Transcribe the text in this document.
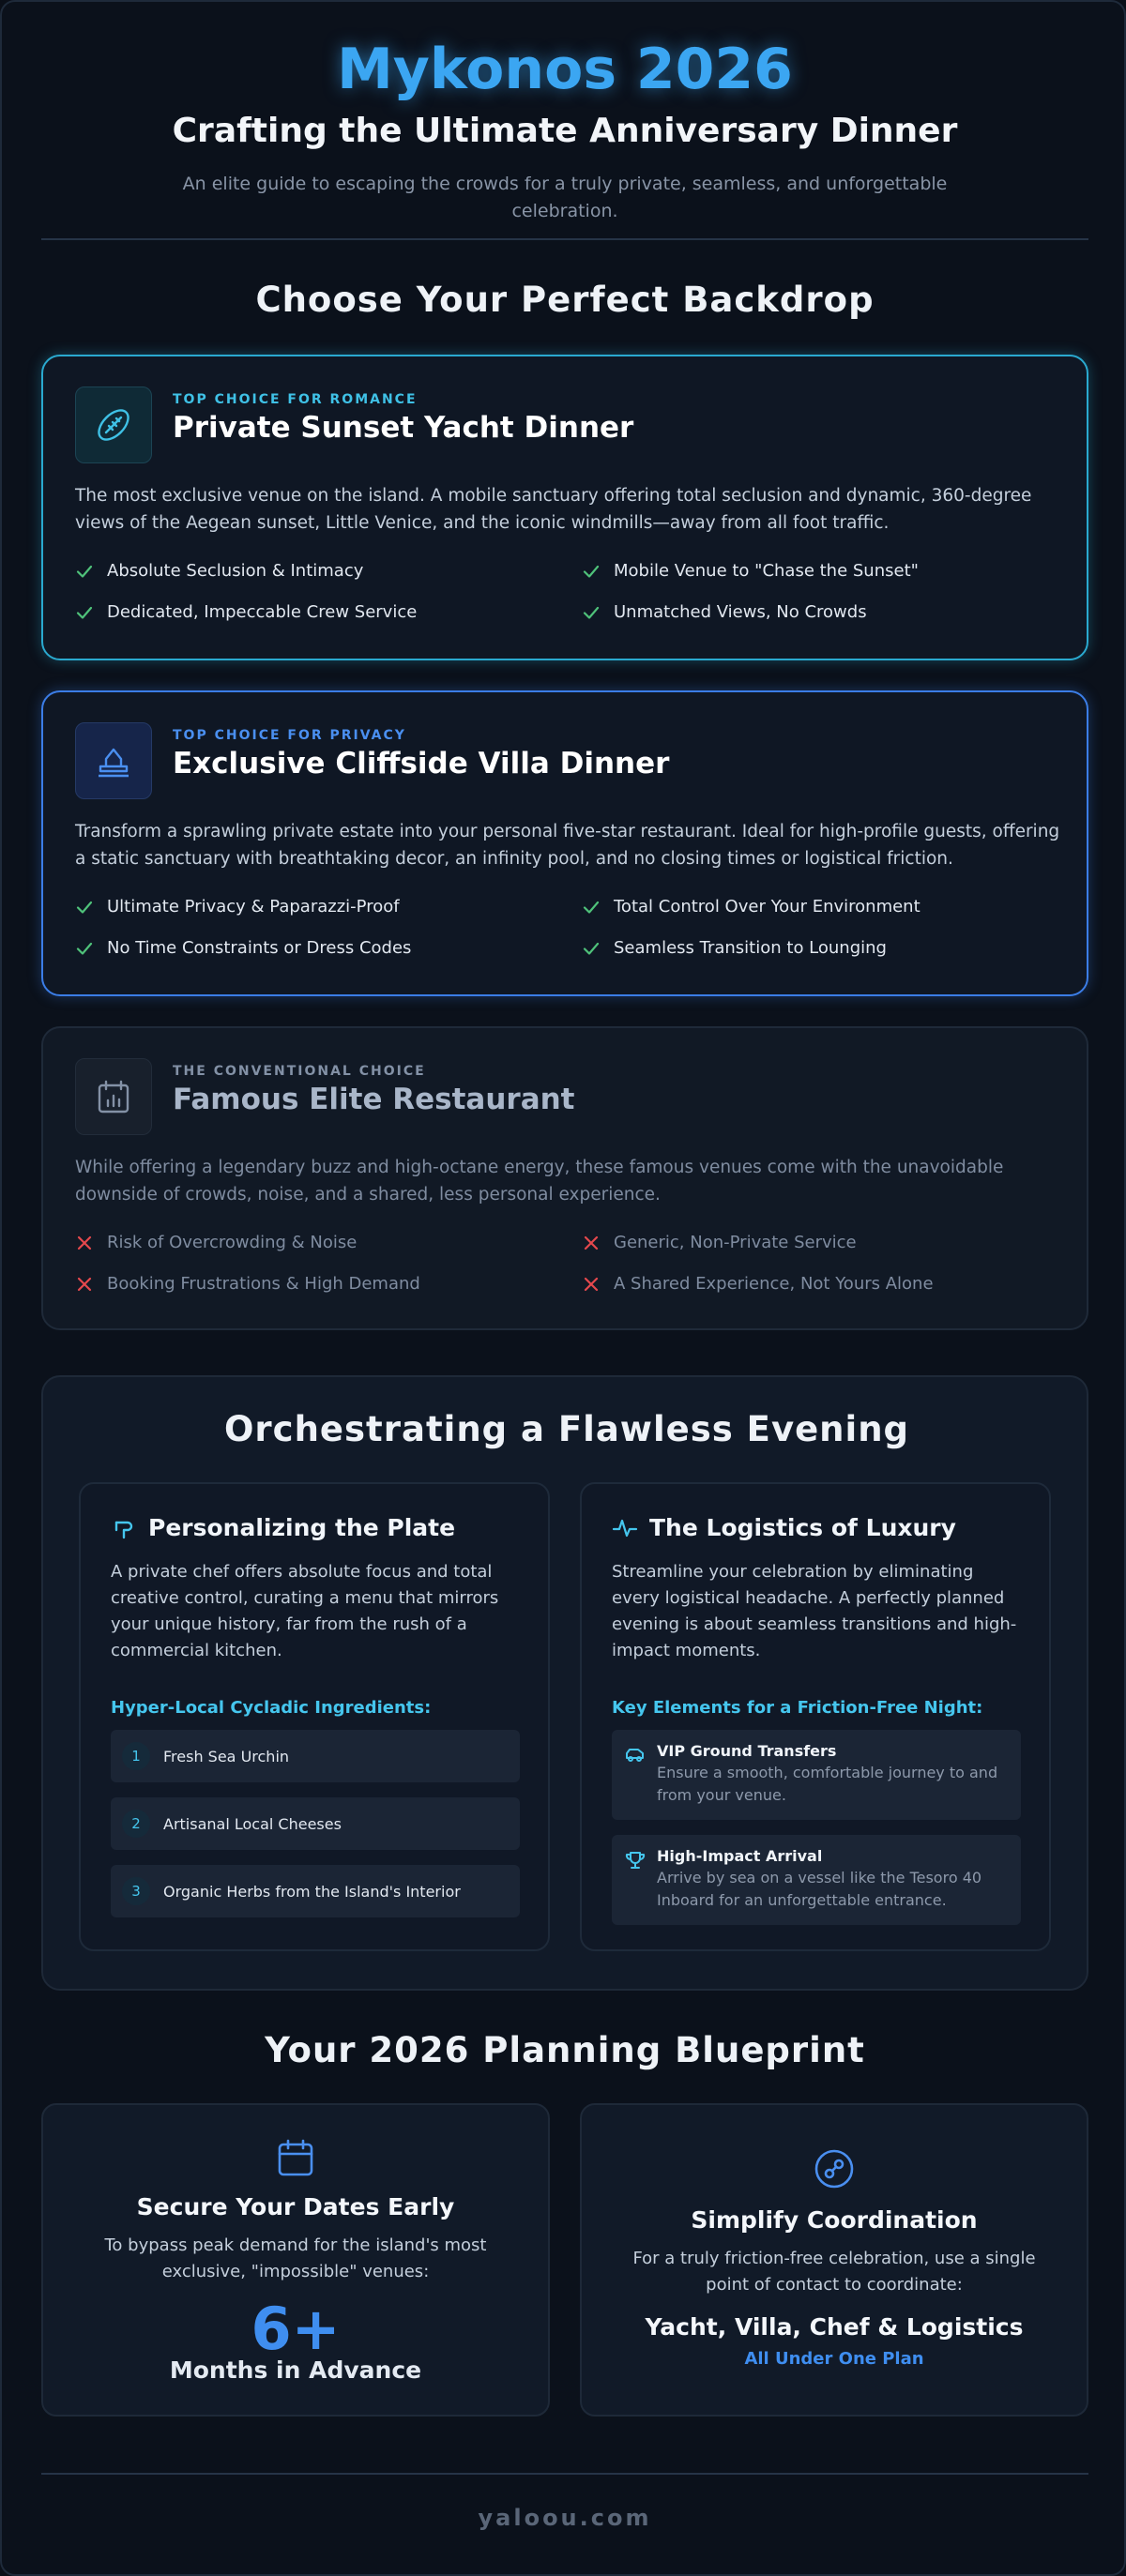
Mykonos 2026
Crafting the Ultimate Anniversary Dinner
An elite guide to escaping the crowds for a truly private, seamless, and unforgettable celebration.
Choose Your Perfect Backdrop
TOP CHOICE FOR ROMANCE
Private Sunset Yacht Dinner
The most exclusive venue on the island. A mobile sanctuary offering total seclusion and dynamic, 360-degree views of the Aegean sunset, Little Venice, and the iconic windmills—away from all foot traffic.
Absolute Seclusion & Intimacy	Mobile Venue to "Chase the Sunset"
Dedicated, Impeccable Crew Service	Unmatched Views, No Crowds
TOP CHOICE FOR PRIVACY
Exclusive Cliffside Villa Dinner
Transform a sprawling private estate into your personal five-star restaurant. Ideal for high-profile guests, offering a static sanctuary with breathtaking decor, an infinity pool, and no closing times or logistical friction.
Ultimate Privacy & Paparazzi-Proof	Total Control Over Your Environment
No Time Constraints or Dress Codes	Seamless Transition to Lounging
THE CONVENTIONAL CHOICE
Famous Elite Restaurant
While offering a legendary buzz and high-octane energy, these famous venues come with the unavoidable downside of crowds, noise, and a shared, less personal experience.
Risk of Overcrowding & Noise	Generic, Non-Private Service
Booking Frustrations & High Demand	A Shared Experience, Not Yours Alone
Orchestrating a Flawless Evening
Personalizing the Plate
A private chef offers absolute focus and total creative control, curating a menu that mirrors your unique history, far from the rush of a commercial kitchen.
Hyper-Local Cycladic Ingredients:
1	Fresh Sea Urchin
2	Artisanal Local Cheeses
3	Organic Herbs from the Island's Interior
The Logistics of Luxury
Streamline your celebration by eliminating every logistical headache. A perfectly planned evening is about seamless transitions and high-impact moments.
Key Elements for a Friction-Free Night:
VIP Ground Transfers
Ensure a smooth, comfortable journey to and from your venue.
High-Impact Arrival
Arrive by sea on a vessel like the Tesoro 40 Inboard for an unforgettable entrance.
Your 2026 Planning Blueprint
Secure Your Dates Early
To bypass peak demand for the island's most exclusive, "impossible" venues:
6+
Months in Advance
Simplify Coordination
For a truly friction-free celebration, use a single point of contact to coordinate:
Yacht, Villa, Chef & Logistics
All Under One Plan
yaloou.com
